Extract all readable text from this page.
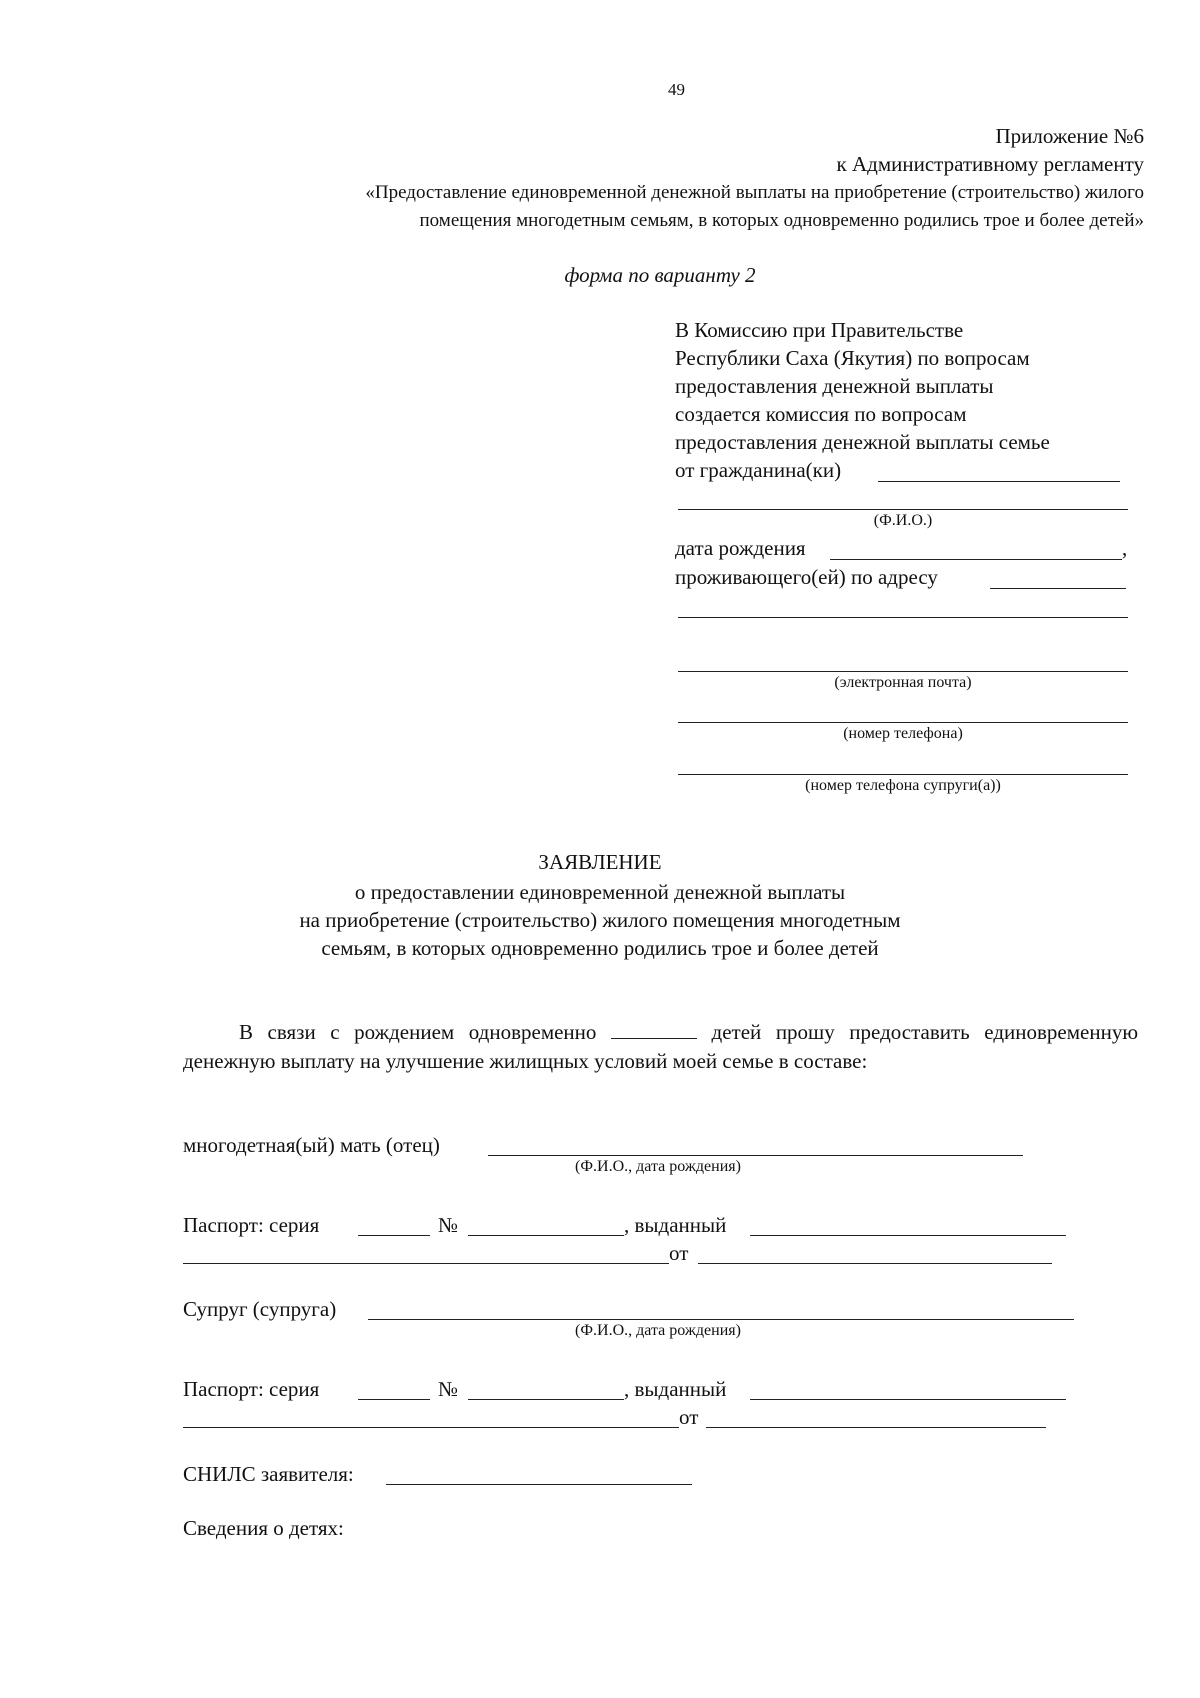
49
Приложение №6
к Административному регламенту
«Предоставление единовременной денежной выплаты на приобретение (строительство) жилого
помещения многодетным семьям, в которых одновременно родились трое и более детей»
форма по варианту 2
В Комиссию при Правительстве
Республики Саха (Якутия) по вопросам
предоставления денежной выплаты
создается комиссия по вопросам
предоставления денежной выплаты семье
от гражданина(ки)
(Ф.И.О.)
дата рождения	,
проживающего(ей) по адресу
(электронная почта)
(номер телефона)
(номер телефона супруги(а))
ЗАЯВЛЕНИЕ
о предоставлении единовременной денежной выплаты
на приобретение (строительство) жилого помещения многодетным
семьям, в которых одновременно родились трое и более детей
В связи с рождением одновременно	детей прошу предоставить единовременную денежную выплату на улучшение жилищных условий моей семье в составе:
многодетная(ый) мать (отец)
(Ф.И.О., дата рождения)
Паспорт: серия	№	, выданный
от
Супруг (супруга)
(Ф.И.О., дата рождения)
Паспорт: серия	№	, выданный
от
СНИЛС заявителя:
Сведения о детях:
